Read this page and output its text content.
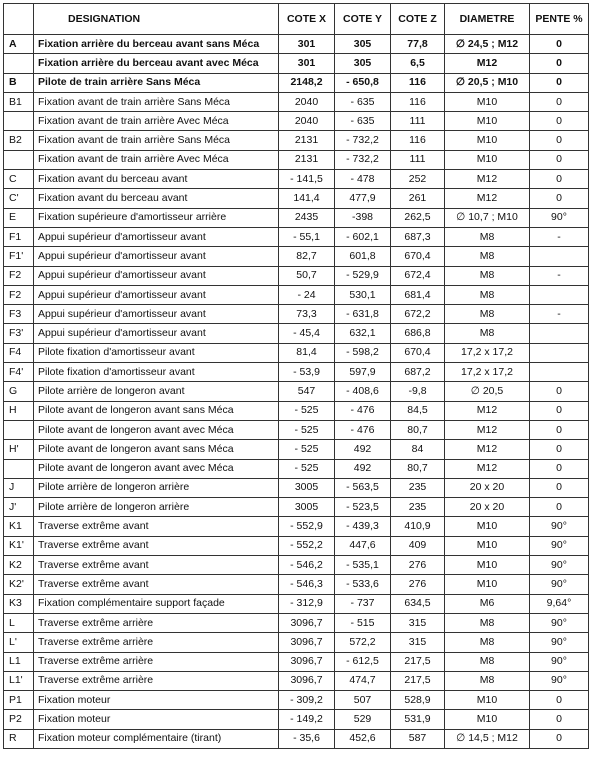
	DESIGNATION	COTE X	COTE Y	COTE Z	DIAMETRE	PENTE %
A	Fixation arrière du berceau avant sans Méca	301	305	77,8	∅ 24,5 ; M12	0
	Fixation arrière du berceau avant avec Méca	301	305	6,5	M12	0
B	Pilote de train arrière Sans Méca	2148,2	- 650,8	116	∅ 20,5 ; M10	0
B1	Fixation avant de train arrière Sans Méca	2040	- 635	116	M10	0
	Fixation avant de train arrière Avec Méca	2040	- 635	111	M10	0
B2	Fixation avant de train arrière Sans Méca	2131	- 732,2	116	M10	0
	Fixation avant de train arrière Avec Méca	2131	- 732,2	111	M10	0
C	Fixation avant du berceau avant	- 141,5	- 478	252	M12	0
C'	Fixation avant du berceau avant	141,4	477,9	261	M12	0
E	Fixation supérieure d'amortisseur arrière	2435	-398	262,5	∅ 10,7 ; M10	90°
F1	Appui supérieur d'amortisseur avant	- 55,1	- 602,1	687,3	M8	-
F1'	Appui supérieur d'amortisseur avant	82,7	601,8	670,4	M8	
F2	Appui supérieur d'amortisseur avant	50,7	- 529,9	672,4	M8	-
F2	Appui supérieur d'amortisseur avant	- 24	530,1	681,4	M8	
F3	Appui supérieur d'amortisseur avant	73,3	- 631,8	672,2	M8	-
F3'	Appui supérieur d'amortisseur avant	- 45,4	632,1	686,8	M8	
F4	Pilote fixation d'amortisseur avant	81,4	- 598,2	670,4	17,2 x 17,2	
F4'	Pilote fixation d'amortisseur avant	- 53,9	597,9	687,2	17,2 x 17,2	
G	Pilote arrière de longeron avant	547	- 408,6	-9,8	∅ 20,5	0
H	Pilote avant de longeron avant sans Méca	- 525	- 476	84,5	M12	0
	Pilote avant de longeron avant avec Méca	- 525	- 476	80,7	M12	0
H'	Pilote avant de longeron avant sans Méca	- 525	492	84	M12	0
	Pilote avant de longeron avant avec Méca	- 525	492	80,7	M12	0
J	Pilote arrière de longeron arrière	3005	- 563,5	235	20 x 20	0
J'	Pilote arrière de longeron arrière	3005	- 523,5	235	20 x 20	0
K1	Traverse extrême avant	- 552,9	- 439,3	410,9	M10	90°
K1'	Traverse extrême avant	- 552,2	447,6	409	M10	90°
K2	Traverse extrême avant	- 546,2	- 535,1	276	M10	90°
K2'	Traverse extrême avant	- 546,3	- 533,6	276	M10	90°
K3	Fixation complémentaire support façade	- 312,9	- 737	634,5	M6	9,64°
L	Traverse extrême arrière	3096,7	- 515	315	M8	90°
L'	Traverse extrême arrière	3096,7	572,2	315	M8	90°
L1	Traverse extrême arrière	3096,7	- 612,5	217,5	M8	90°
L1'	Traverse extrême arrière	3096,7	474,7	217,5	M8	90°
P1	Fixation moteur	- 309,2	507	528,9	M10	0
P2	Fixation moteur	- 149,2	529	531,9	M10	0
R	Fixation moteur complémentaire (tirant)	- 35,6	452,6	587	∅ 14,5 ; M12	0
